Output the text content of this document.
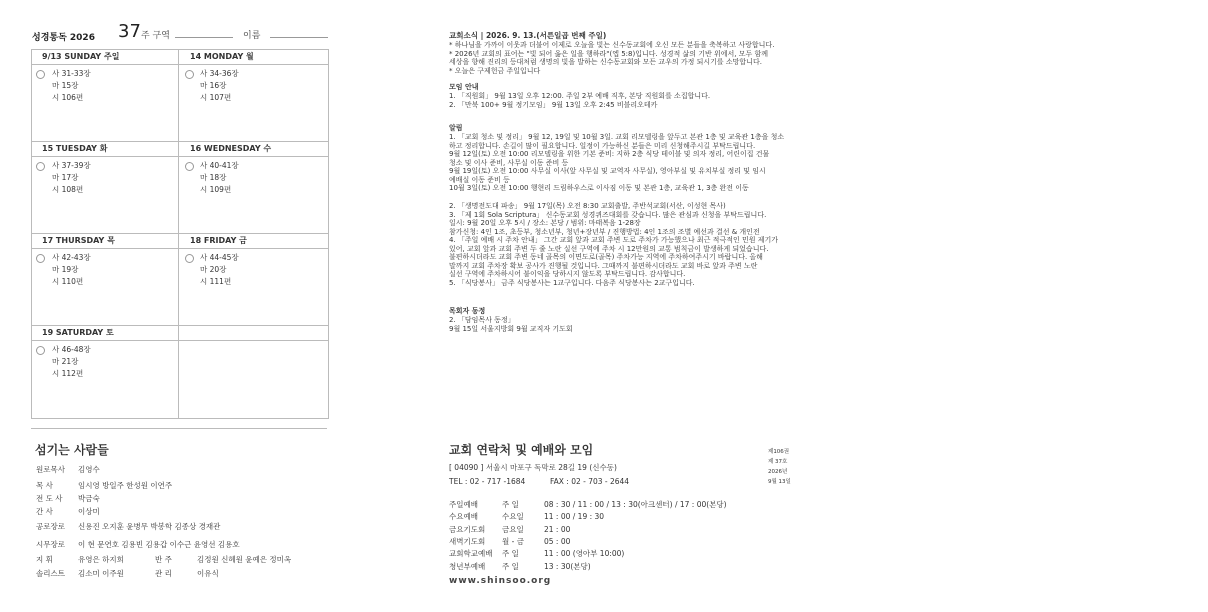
성경통독 2026 37 주 구역	이름
9/13 SUNDAY 주일
사 31-33장
마 15장
시 106편
14 MONDAY 월
사 34-36장
마 16장
시 107편
15 TUESDAY 화
사 37-39장
마 17장
시 108편
16 WEDNESDAY 수
사 40-41장
마 18장
시 109편
17 THURSDAY 목
사 42-43장
마 19장
시 110편
18 FRIDAY 금
사 44-45장
마 20장
시 111편
19 SATURDAY 토
사 46-48장
마 21장
시 112편
섬기는 사람들
원로목사	김영수
목 사	임시영 방일주 한성원 이연주
전 도 사	박금숙
간 사	이상미
공로장로	신용진 오지훈 윤병무 박봉학 김종상 경재관
시무장로	이 현 문연호 김용빈 김용갑 이수근 윤영선 김용호
지 휘	유영은 하지희
솔리스트	김소미 이주원
반 주	김정원 신혜원 윤예은 정미옥
관 리	이유식
교회소식 | 2026. 9. 13.(서른일곱 번째 주일)
* 하나님을 가까이 이웃과 더불어 이제로 오늘을 빛는 신수동교회에 오신 모든 분들을 축복하고 사랑합니다.
* 2026년 교회의 표어는 "빛 되어 옳은 일을 행하라"(엡 5:8)입니다. 성경적 삶의 기반 위에서, 모두 함께
세상을 향해 진리의 등대처럼 생명의 빛을 발하는 신수동교회와 모든 교우의 가정 되시기를 소망합니다.
* 오늘은 구제헌금 주일입니다
모임 안내
1. 「직원회」 9월 13일 오후 12:00. 주일 2부 예배 직후, 본당 직원회를 소집합니다.
2. 「만북 100+ 9월 정기모임」 9월 13일 오후 2:45 비블리오테카
알림
1. 「교회 청소 및 정리」 9월 12, 19일 및 10월 3일. 교회 리모델링을 앞두고 본관 1층 및 교육관 1층을 청소
하고 정리합니다. 손길이 많이 필요합니다. 일정이 가능하신 분들은 미리 신청해주시길 부탁드립니다.
9월 12일(토) 오전 10:00 리모델링을 위한 기본 준비: 지하 2층 식당 테이블 및 의자 정리, 어린이집 건물
청소 및 이사 준비, 사무실 이동 준비 등
9월 19일(토) 오전 10:00 사무실 이사(앞 사무실 및 교역자 사무실), 영아부실 및 유치부실 정리 및 임시
예배실 이동 준비 등
10월 3일(토) 오전 10:00 행현리 드림하우스로 이사짐 이동 및 본관 1층, 교육관 1, 3층 완전 이동
2. 「생명전도대 파송」 9월 17일(목) 오전 8:30 교회출발, 주반석교회(서산, 이성현 목사)
3. 「제 1회 Sola Scriptura」 신수동교회 성경퀴즈대회를 갖습니다. 많은 관심과 신청을 부탁드립니다.
일시: 9월 20일 오후 5시 / 장소: 본당 / 범위: 마태복음 1-28장
참가신청: 4인 1조, 초등부, 청소년부, 청년+장년부 / 진행방법: 4인 1조의 조별 예선과 결선 & 개인전
4. 「주일 예배 시 주차 안내」 그간 교회 앞과 교회 주변 도로 주차가 가능했으나 최근 적극적인 민원 제기가
있어, 교회 앞과 교회 주변 두 줄 노란 실선 구역에 주차 시 12만원의 교통 범칙금이 발생하게 되었습니다.
불편하시더라도 교회 주변 동네 골목의 이면도로(골목) 주차가능 지역에 주차하여주시기 바랍니다. 올해
말까지 교회 주차장 확보 공사가 진행될 것입니다. 그때까지 불편하시더라도 교회 바로 앞과 주변 노란
실선 구역에 주차하시어 불이익을 당하시지 않도록 부탁드립니다. 감사합니다.
5. 「식당봉사」 금주 식당봉사는 1교구입니다. 다음주 식당봉사는 2교구입니다.
목회자 동정
2. 「담임목사 동정」
9월 15일 서울지방회 9월 교직자 기도회
교회 연락처 및 예배와 모임
[ 04090 ] 서울시 마포구 독막로 28길 19 (신수동)
TEL : 02 - 717 -1684	FAX : 02 - 703 - 2644
주일예배	주 일	08 : 30 / 11 : 00 / 13 : 30(아크센터) / 17 : 00(본당)
수요예배	수요일	11 : 00 / 19 : 30
금요기도회 금요일	21 : 00
새벽기도회 월 - 금	05 : 00
교회학교예배 주 일	11 : 00 (영아부 10:00)
청년부예배 주 일	13 : 30(본당)
제106권
제 37호
2026년
9월 13일
www.shinsoo.org
